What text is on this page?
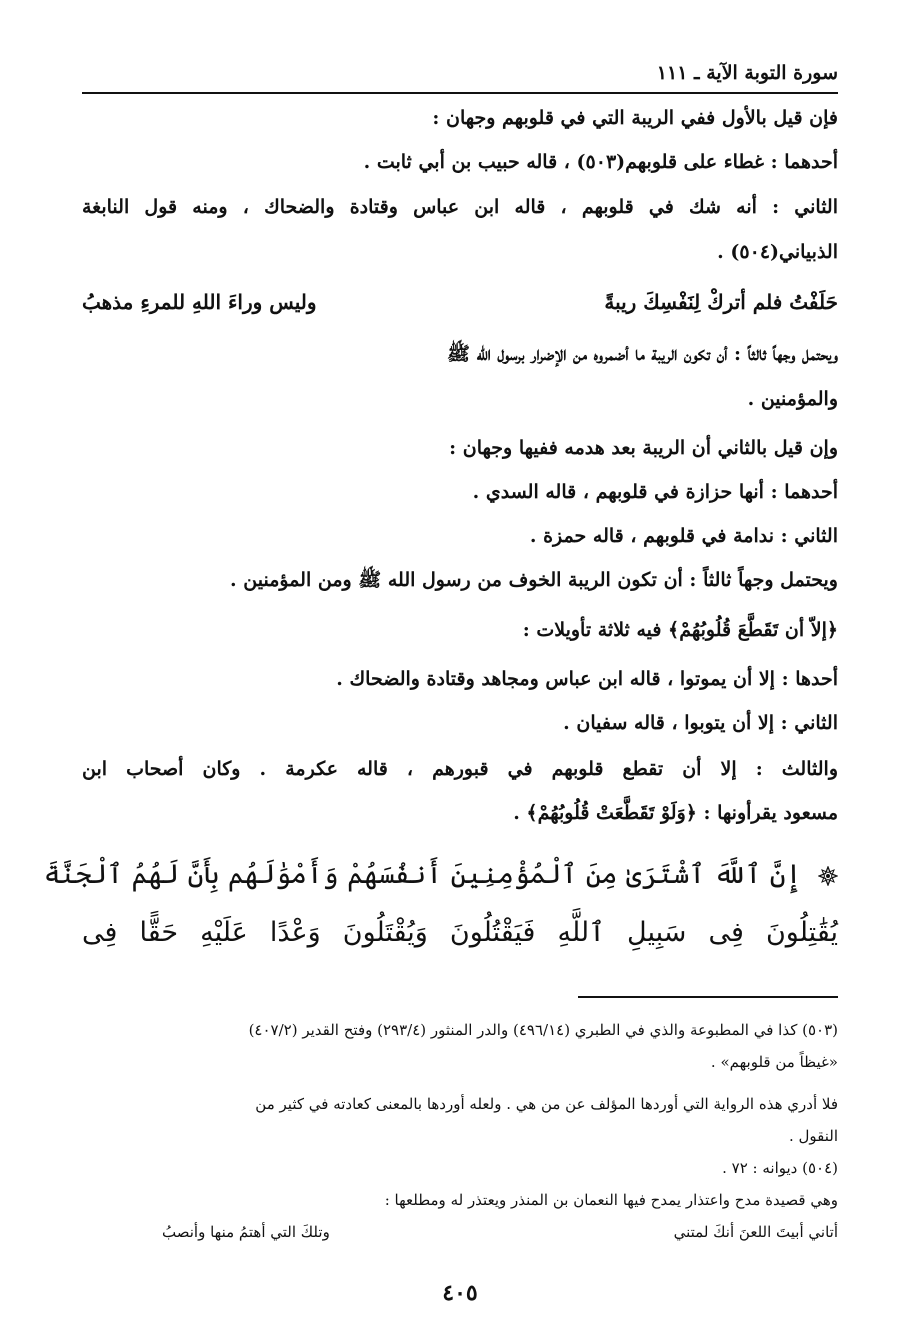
سورة التوبة الآية ـ ١١١
فإن قيل بالأول ففي الريبة التي في قلوبهم وجهان :
أحدهما : غطاء على قلوبهم(٥٠٣) ، قاله حبيب بن أبي ثابت .
الثاني : أنه شك في قلوبهم ، قاله ابن عباس وقتادة والضحاك ، ومنه قول النابغة
الذبياني(٥٠٤) .
حَلَفْتُ فلم أتركْ لِنَفْسِكَ ريبةً
وليس وراءَ اللهِ للمرءِ مذهبُ
ويحتمل وجهاً ثالثاً : أن تكون الريبة ما أضمروه من الإضرار برسول الله ﷺ
والمؤمنين .
وإن قيل بالثاني أن الريبة بعد هدمه ففيها وجهان :
أحدهما : أنها حزازة في قلوبهم ، قاله السدي .
الثاني : ندامة في قلوبهم ، قاله حمزة .
ويحتمل وجهاً ثالثاً : أن تكون الريبة الخوف من رسول الله ﷺ ومن المؤمنين .
﴿إلاّ أن تَقَطَّعَ قُلُوبُهُمْ﴾ فيه ثلاثة تأويلات :
أحدها : إلا أن يموتوا ، قاله ابن عباس ومجاهد وقتادة والضحاك .
الثاني : إلا أن يتوبوا ، قاله سفيان .
والثالث : إلا أن تقطع قلوبهم في قبورهم ، قاله عكرمة . وكان أصحاب ابن
مسعود يقرأونها : ﴿وَلَوْ تَقَطَّعَتْ قُلُوبُهُمْ﴾ .
إِنَّ ٱللَّهَ ٱشْتَرَىٰ مِنَ ٱلْمُؤْمِنِينَ أَنفُسَهُمْ وَأَمْوَٰلَهُم بِأَنَّ لَهُمُ ٱلْجَنَّةَ
يُقَٰتِلُونَ فِى سَبِيلِ ٱللَّهِ فَيَقْتُلُونَ وَيُقْتَلُونَ وَعْدًا عَلَيْهِ حَقًّا فِى
(٥٠٣) كذا في المطبوعة والذي في الطبري (٤٩٦/١٤) والدر المنثور (٢٩٣/٤) وفتح القدير (٤٠٧/٢)
«غيظاً من قلوبهم» .
فلا أدري هذه الرواية التي أوردها المؤلف عن من هي . ولعله أوردها بالمعنى كعادته في كثير من
النقول .
(٥٠٤) ديوانه : ٧٢ .
وهي قصيدة مدح واعتذار يمدح فيها النعمان بن المنذر ويعتذر له ومطلعها :
أتاني أبيتَ اللعنَ أنكَ لمتني
وتلكَ التي أهتمُ منها وأنصبُ
٤٠٥
